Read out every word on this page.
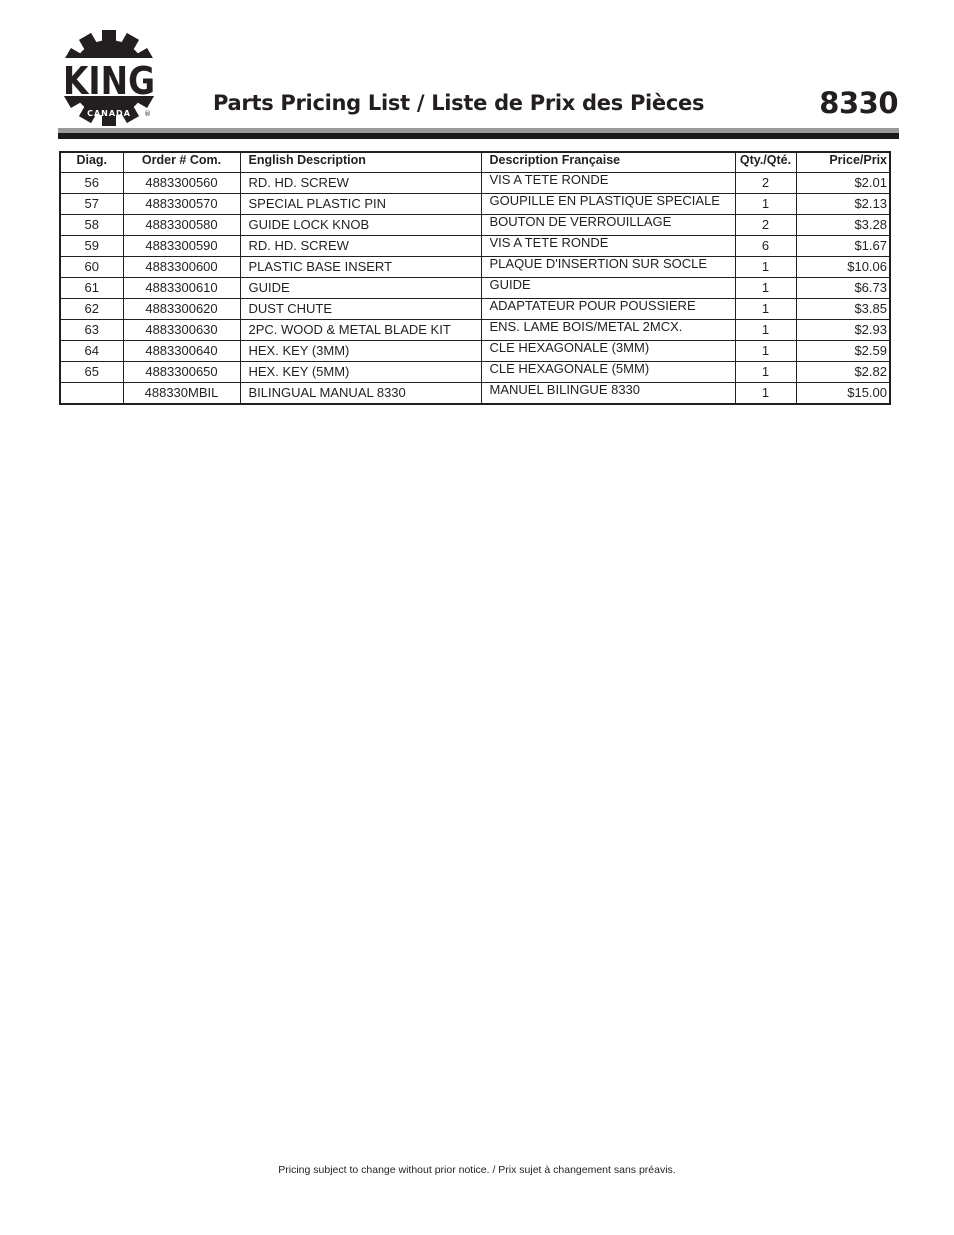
KING
CANADA ®	Parts Pricing List / Liste de Prix des Pièces	8330
Diag.	Order # Com.	English Description	Description Française	Qty./Qté.	Price/Prix
56	4883300560	RD. HD. SCREW	VIS A TETE RONDE	2	$2.01
57	4883300570	SPECIAL PLASTIC PIN	GOUPILLE EN PLASTIQUE SPECIALE	1	$2.13
58	4883300580	GUIDE LOCK KNOB	BOUTON DE VERROUILLAGE	2	$3.28
59	4883300590	RD. HD. SCREW	VIS A TETE RONDE	6	$1.67
60	4883300600	PLASTIC BASE INSERT	PLAQUE D'INSERTION SUR SOCLE	1	$10.06
61	4883300610	GUIDE	GUIDE	1	$6.73
62	4883300620	DUST CHUTE	ADAPTATEUR POUR POUSSIERE	1	$3.85
63	4883300630	2PC. WOOD & METAL BLADE KIT	ENS. LAME BOIS/METAL 2MCX.	1	$2.93
64	4883300640	HEX. KEY (3MM)	CLE HEXAGONALE (3MM)	1	$2.59
65	4883300650	HEX. KEY (5MM)	CLE HEXAGONALE (5MM)	1	$2.82
	488330MBIL	BILINGUAL MANUAL 8330	MANUEL BILINGUE 8330	1	$15.00
Pricing subject to change without prior notice. / Prix sujet à changement sans préavis.
